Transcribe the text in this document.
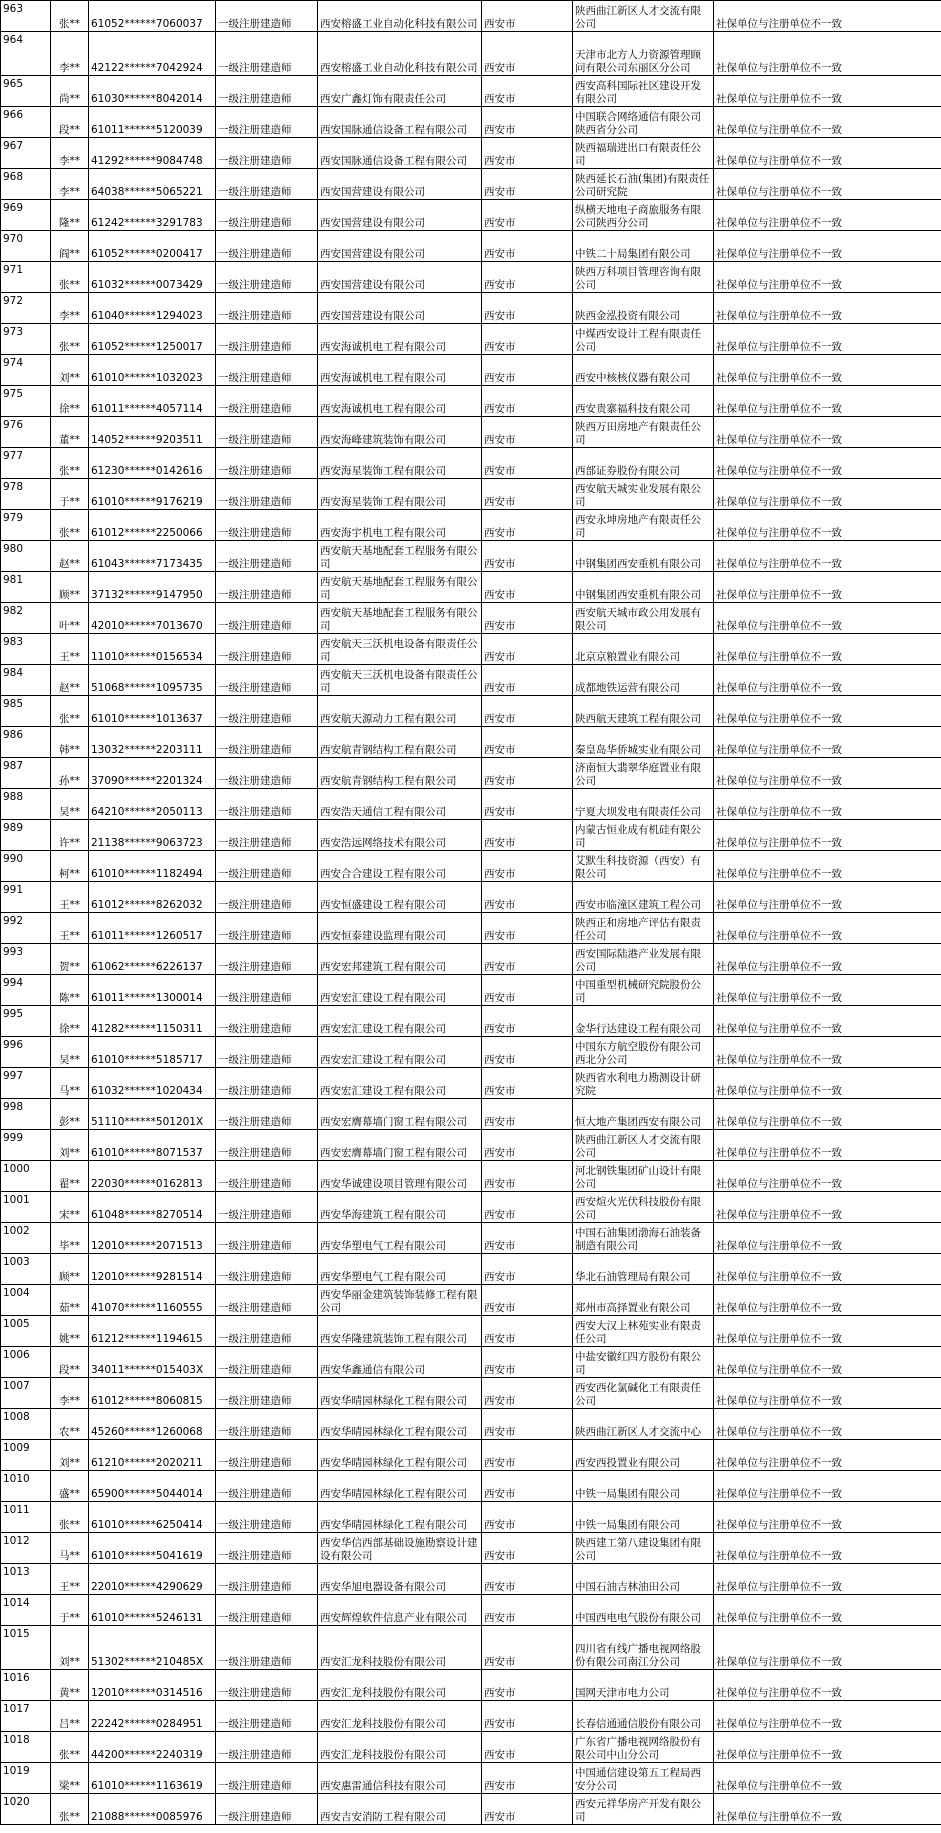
963	张**	61052******7060037	一级注册建造师	西安榕盛工业自动化科技有限公司	西安市	陕西曲江新区人才交流有限公司	社保单位与注册单位不一致
964	李**	42122******7042924	一级注册建造师	西安榕盛工业自动化科技有限公司	西安市	天津市北方人力资源管理顾问有限公司东丽区分公司	社保单位与注册单位不一致
965	尚**	61030******8042014	一级注册建造师	西安广鑫灯饰有限责任公司	西安市	西安高科国际社区建设开发有限公司	社保单位与注册单位不一致
966	段**	61011******5120039	一级注册建造师	西安国脉通信设备工程有限公司	西安市	中国联合网络通信有限公司陕西省分公司	社保单位与注册单位不一致
967	李**	41292******9084748	一级注册建造师	西安国脉通信设备工程有限公司	西安市	陕西福瑞进出口有限责任公司	社保单位与注册单位不一致
968	李**	64038******5065221	一级注册建造师	西安国营建设有限公司	西安市	陕西延长石油(集团)有限责任公司研究院	社保单位与注册单位不一致
969	隆**	61242******3291783	一级注册建造师	西安国营建设有限公司	西安市	纵横天地电子商旅服务有限公司陕西分公司	社保单位与注册单位不一致
970	阎**	61052******0200417	一级注册建造师	西安国营建设有限公司	西安市	中铁二十局集团有限公司	社保单位与注册单位不一致
971	张**	61032******0073429	一级注册建造师	西安国营建设有限公司	西安市	陕西万科项目管理咨询有限公司	社保单位与注册单位不一致
972	李**	61040******1294023	一级注册建造师	西安国营建设有限公司	西安市	陕西金泓投资有限公司	社保单位与注册单位不一致
973	张**	61052******1250017	一级注册建造师	西安海诚机电工程有限公司	西安市	中煤西安设计工程有限责任公司	社保单位与注册单位不一致
974	刘**	61010******1032023	一级注册建造师	西安海诚机电工程有限公司	西安市	西安中核核仪器有限公司	社保单位与注册单位不一致
975	徐**	61011******4057114	一级注册建造师	西安海诚机电工程有限公司	西安市	西安贵寨福科技有限公司	社保单位与注册单位不一致
976	董**	14052******9203511	一级注册建造师	西安海峰建筑装饰有限公司	西安市	陕西万田房地产有限责任公司	社保单位与注册单位不一致
977	张**	61230******0142616	一级注册建造师	西安海星装饰工程有限公司	西安市	西部证券股份有限公司	社保单位与注册单位不一致
978	于**	61010******9176219	一级注册建造师	西安海星装饰工程有限公司	西安市	西安航天城实业发展有限公司	社保单位与注册单位不一致
979	张**	61012******2250066	一级注册建造师	西安海宇机电工程有限公司	西安市	西安永坤房地产有限责任公司	社保单位与注册单位不一致
980	赵**	61043******7173435	一级注册建造师	西安航天基地配套工程服务有限公司	西安市	中钢集团西安重机有限公司	社保单位与注册单位不一致
981	顾**	37132******9147950	一级注册建造师	西安航天基地配套工程服务有限公司	西安市	中钢集团西安重机有限公司	社保单位与注册单位不一致
982	叶**	42010******7013670	一级注册建造师	西安航天基地配套工程服务有限公司	西安市	西安航天城市政公用发展有限公司	社保单位与注册单位不一致
983	王**	11010******0156534	一级注册建造师	西安航天三沃机电设备有限责任公司	西安市	北京京粮置业有限公司	社保单位与注册单位不一致
984	赵**	51068******1095735	一级注册建造师	西安航天三沃机电设备有限责任公司	西安市	成都地铁运营有限公司	社保单位与注册单位不一致
985	张**	61010******1013637	一级注册建造师	西安航天源动力工程有限公司	西安市	陕西航天建筑工程有限公司	社保单位与注册单位不一致
986	韩**	13032******2203111	一级注册建造师	西安航青钢结构工程有限公司	西安市	秦皇岛华侨城实业有限公司	社保单位与注册单位不一致
987	孙**	37090******2201324	一级注册建造师	西安航青钢结构工程有限公司	西安市	济南恒大翡翠华庭置业有限公司	社保单位与注册单位不一致
988	吴**	64210******2050113	一级注册建造师	西安浩天通信工程有限公司	西安市	宁夏大坝发电有限责任公司	社保单位与注册单位不一致
989	许**	21138******9063723	一级注册建造师	西安浩远网络技术有限公司	西安市	内蒙古恒业成有机硅有限公司	社保单位与注册单位不一致
990	柯**	61010******1182494	一级注册建造师	西安合合建设工程有限公司	西安市	艾默生科技资源（西安）有限公司	社保单位与注册单位不一致
991	王**	61012******8262032	一级注册建造师	西安恒盛建设工程有限公司	西安市	西安市临潼区建筑工程公司	社保单位与注册单位不一致
992	王**	61011******1260517	一级注册建造师	西安恒泰建设监理有限公司	西安市	陕西正和房地产评估有限责任公司	社保单位与注册单位不一致
993	贺**	61062******6226137	一级注册建造师	西安宏邦建筑工程有限公司	西安市	西安国际陆港产业发展有限公司	社保单位与注册单位不一致
994	陈**	61011******1300014	一级注册建造师	西安宏汇建设工程有限公司	西安市	中国重型机械研究院股份公司	社保单位与注册单位不一致
995	徐**	41282******1150311	一级注册建造师	西安宏汇建设工程有限公司	西安市	金华行达建设工程有限公司	社保单位与注册单位不一致
996	吴**	61010******5185717	一级注册建造师	西安宏汇建设工程有限公司	西安市	中国东方航空股份有限公司西北分公司	社保单位与注册单位不一致
997	马**	61032******1020434	一级注册建造师	西安宏汇建设工程有限公司	西安市	陕西省水利电力勘测设计研究院	社保单位与注册单位不一致
998	彭**	51110******501201X	一级注册建造师	西安宏膺幕墙门窗工程有限公司	西安市	恒大地产集团西安有限公司	社保单位与注册单位不一致
999	刘**	61010******8071537	一级注册建造师	西安宏膺幕墙门窗工程有限公司	西安市	陕西曲江新区人才交流有限公司	社保单位与注册单位不一致
1000	翟**	22030******0162813	一级注册建造师	西安华诚建设项目管理有限公司	西安市	河北钢铁集团矿山设计有限公司	社保单位与注册单位不一致
1001	宋**	61048******8270514	一级注册建造师	西安华海建筑工程有限公司	西安市	西安煊火光伏科技股份有限公司	社保单位与注册单位不一致
1002	毕**	12010******2071513	一级注册建造师	西安华塑电气工程有限公司	西安市	中国石油集团渤海石油装备制造有限公司	社保单位与注册单位不一致
1003	顾**	12010******9281514	一级注册建造师	西安华塑电气工程有限公司	西安市	华北石油管理局有限公司	社保单位与注册单位不一致
1004	茹**	41070******1160555	一级注册建造师	西安华丽金建筑装饰装修工程有限公司	西安市	郑州市高择置业有限公司	社保单位与注册单位不一致
1005	姚**	61212******1194615	一级注册建造师	西安华隆建筑装饰工程有限公司	西安市	西安大汉上林苑实业有限责任公司	社保单位与注册单位不一致
1006	段**	34011******015403X	一级注册建造师	西安华鑫通信有限公司	西安市	中盐安徽红四方股份有限公司	社保单位与注册单位不一致
1007	李**	61012******8060815	一级注册建造师	西安华晴园林绿化工程有限公司	西安市	西安西化氯碱化工有限责任公司	社保单位与注册单位不一致
1008	农**	45260******1260068	一级注册建造师	西安华晴园林绿化工程有限公司	西安市	陕西曲江新区人才交流中心	社保单位与注册单位不一致
1009	刘**	61210******2020211	一级注册建造师	西安华晴园林绿化工程有限公司	西安市	西安西投置业有限公司	社保单位与注册单位不一致
1010	盛**	65900******5044014	一级注册建造师	西安华晴园林绿化工程有限公司	西安市	中铁一局集团有限公司	社保单位与注册单位不一致
1011	张**	61010******6250414	一级注册建造师	西安华晴园林绿化工程有限公司	西安市	中铁一局集团有限公司	社保单位与注册单位不一致
1012	马**	61010******5041619	一级注册建造师	西安华信西部基础设施勘察设计建设有限公司	西安市	陕西建工第八建设集团有限公司	社保单位与注册单位不一致
1013	王**	22010******4290629	一级注册建造师	西安华旭电器设备有限公司	西安市	中国石油吉林油田公司	社保单位与注册单位不一致
1014	于**	61010******5246131	一级注册建造师	西安辉煌软件信息产业有限公司	西安市	中国西电电气股份有限公司	社保单位与注册单位不一致
1015	刘**	51302******210485X	一级注册建造师	西安汇龙科技股份有限公司	西安市	四川省有线广播电视网络股份有限公司南江分公司	社保单位与注册单位不一致
1016	黄**	12010******0314516	一级注册建造师	西安汇龙科技股份有限公司	西安市	国网天津市电力公司	社保单位与注册单位不一致
1017	吕**	22242******0284951	一级注册建造师	西安汇龙科技股份有限公司	西安市	长春信通通信股份有限公司	社保单位与注册单位不一致
1018	张**	44200******2240319	一级注册建造师	西安汇龙科技股份有限公司	西安市	广东省广播电视网络股份有限公司中山分公司	社保单位与注册单位不一致
1019	梁**	61010******1163619	一级注册建造师	西安惠雷通信科技有限公司	西安市	中国通信建设第五工程局西安分公司	社保单位与注册单位不一致
1020	张**	21088******0085976	一级注册建造师	西安吉安消防工程有限公司	西安市	西安元祥华房产开发有限公司	社保单位与注册单位不一致
